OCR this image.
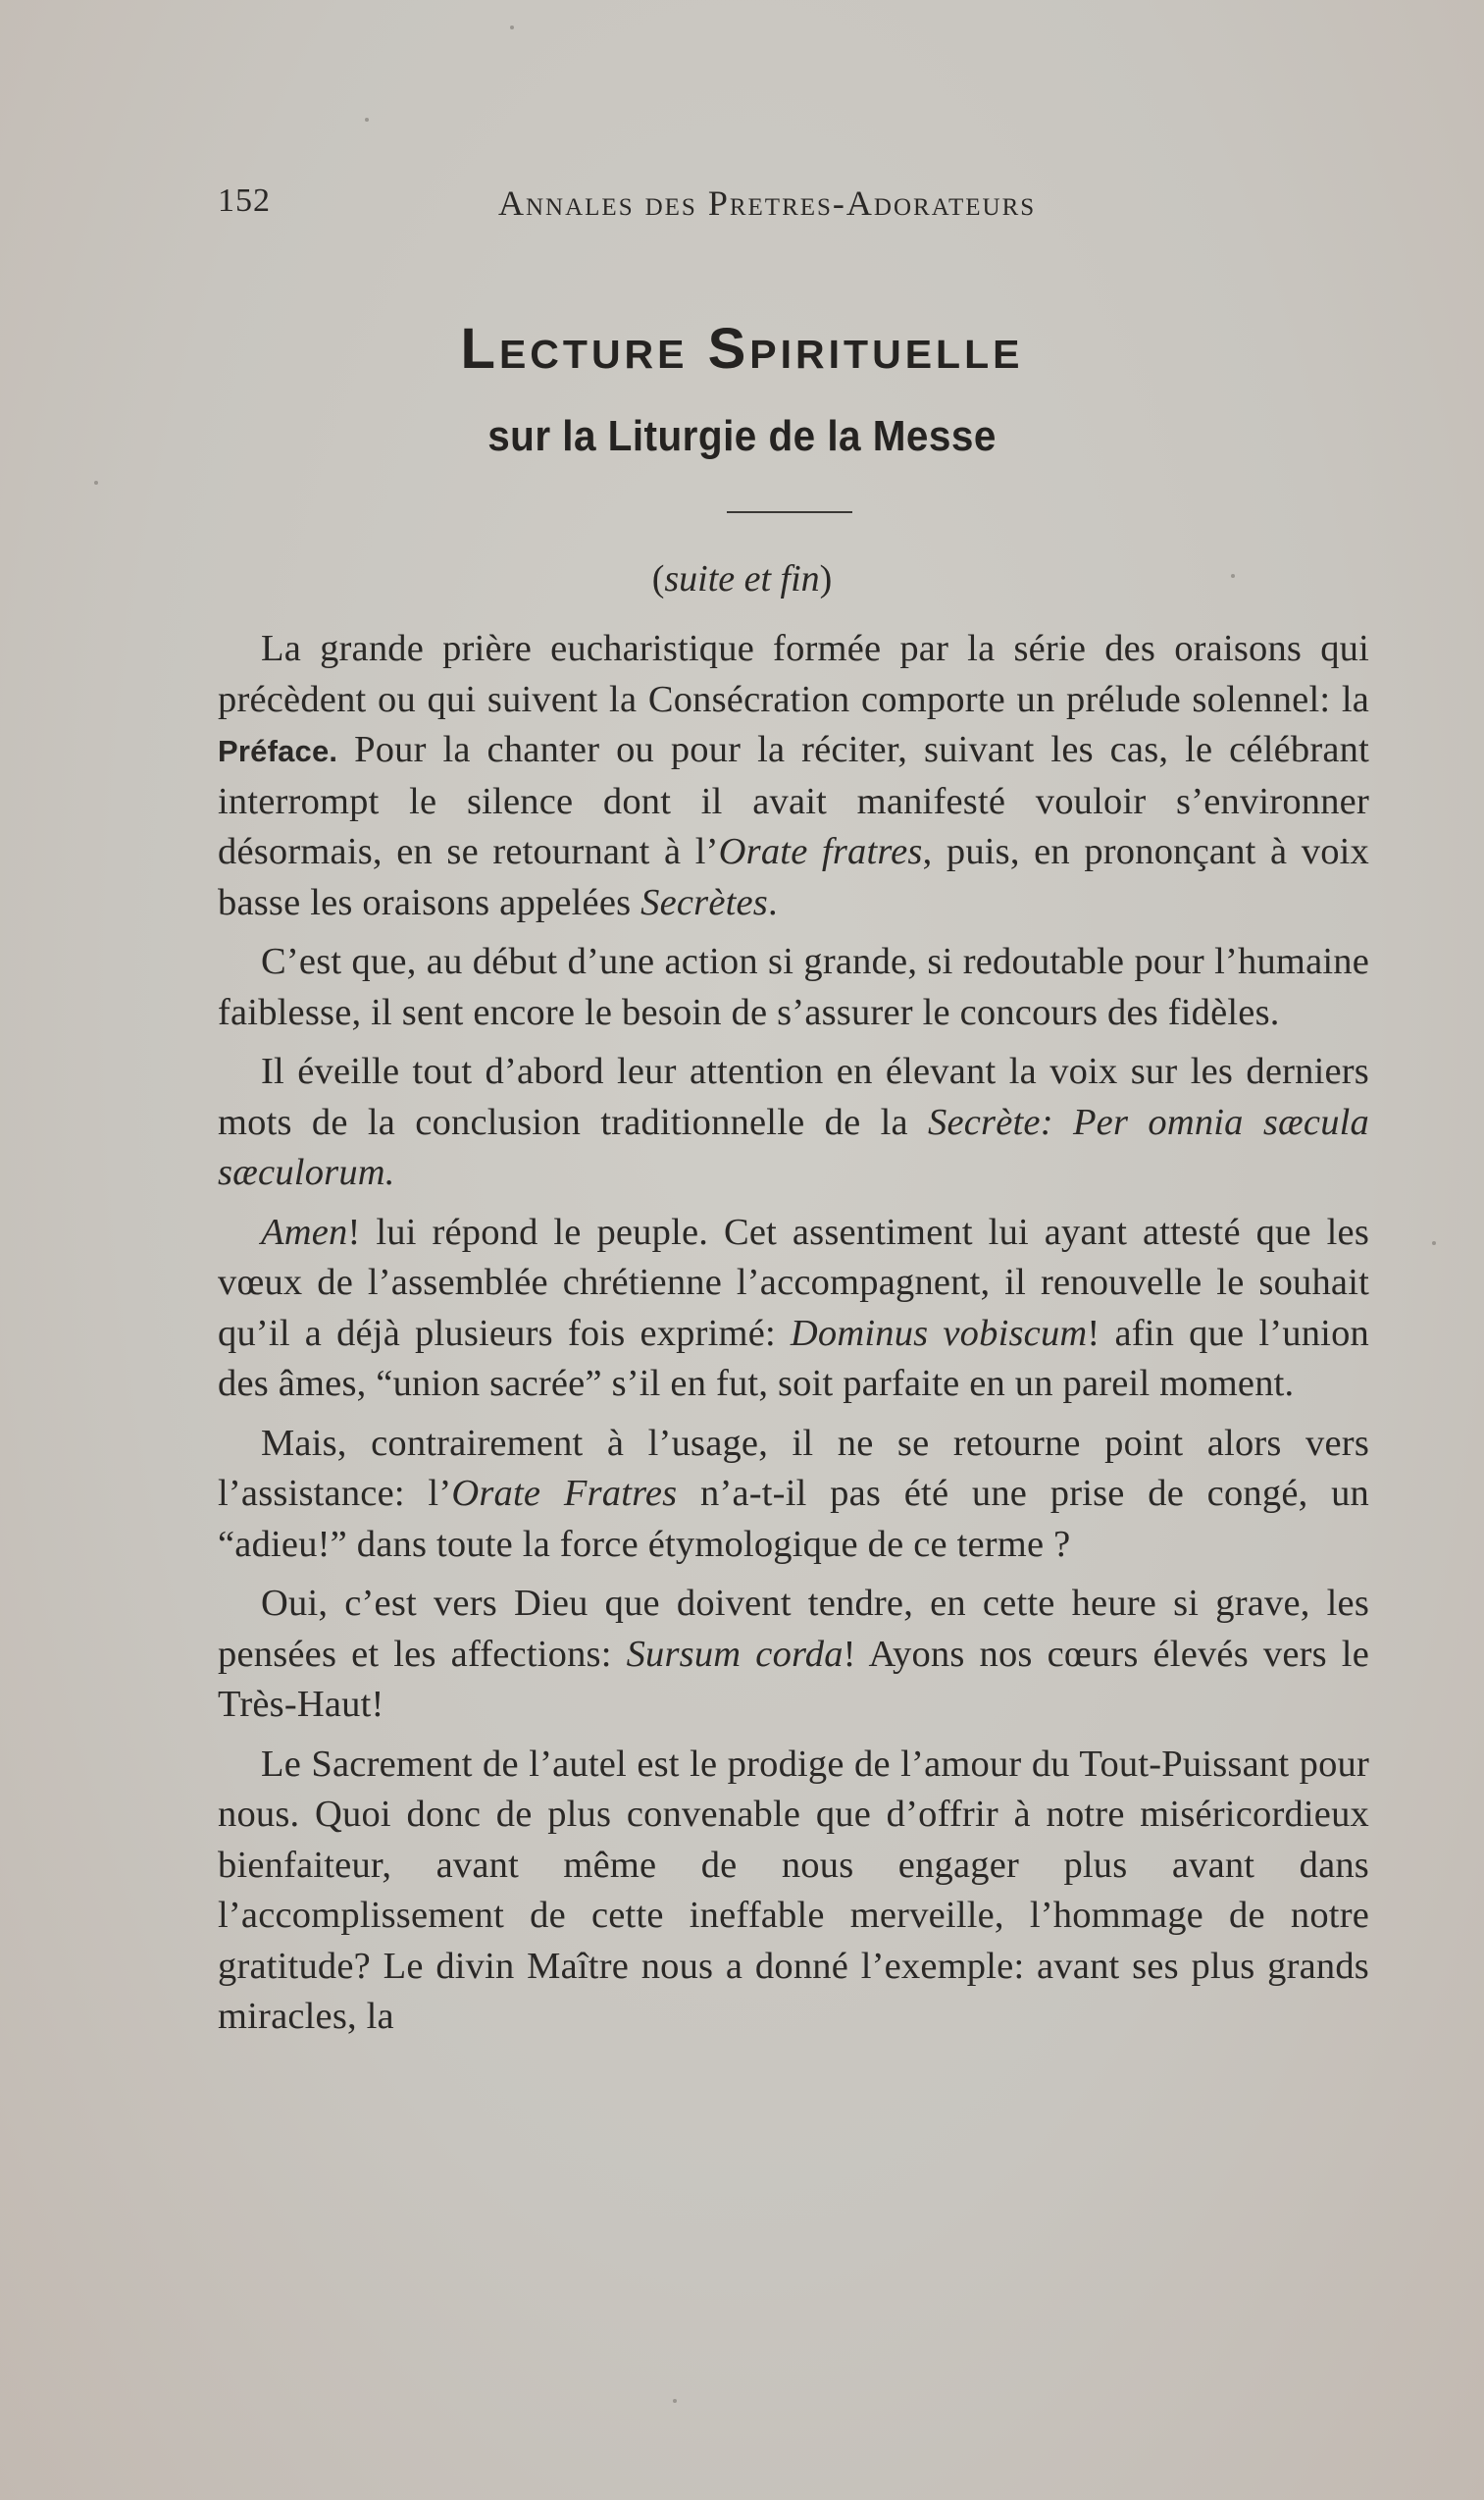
152	Annales des Pretres-Adorateurs
Lecture Spirituelle
sur la Liturgie de la Messe
(suite et fin)

La grande prière eucharistique formée par la série des oraisons qui précèdent ou qui suivent la Consécration comporte un prélude solennel: la Préface. Pour la chanter ou pour la réciter, suivant les cas, le célébrant interrompt le silence dont il avait manifesté vouloir s’environner désormais, en se retournant à l’Orate fratres, puis, en prononçant à voix basse les oraisons appelées Secrètes.

C’est que, au début d’une action si grande, si redoutable pour l’humaine faiblesse, il sent encore le besoin de s’assurer le concours des fidèles.

Il éveille tout d’abord leur attention en élevant la voix sur les derniers mots de la conclusion traditionnelle de la Secrète: Per omnia sæcula sæculorum.

Amen! lui répond le peuple. Cet assentiment lui ayant attesté que les vœux de l’assemblée chrétienne l’accompagnent, il renouvelle le souhait qu’il a déjà plusieurs fois exprimé: Dominus vobiscum! afin que l’union des âmes, “union sacrée” s’il en fut, soit parfaite en un pareil moment.

Mais, contrairement à l’usage, il ne se retourne point alors vers l’assistance: l’Orate Fratres n’a-t-il pas été une prise de congé, un “adieu!” dans toute la force étymologique de ce terme ?

Oui, c’est vers Dieu que doivent tendre, en cette heure si grave, les pensées et les affections: Sursum corda! Ayons nos cœurs élevés vers le Très-Haut!

Le Sacrement de l’autel est le prodige de l’amour du Tout-Puissant pour nous. Quoi donc de plus convenable que d’offrir à notre miséricordieux bienfaiteur, avant même de nous engager plus avant dans l’accomplissement de cette ineffable merveille, l’hommage de notre gratitude? Le divin Maître nous a donné l’exemple: avant ses plus grands miracles, la
